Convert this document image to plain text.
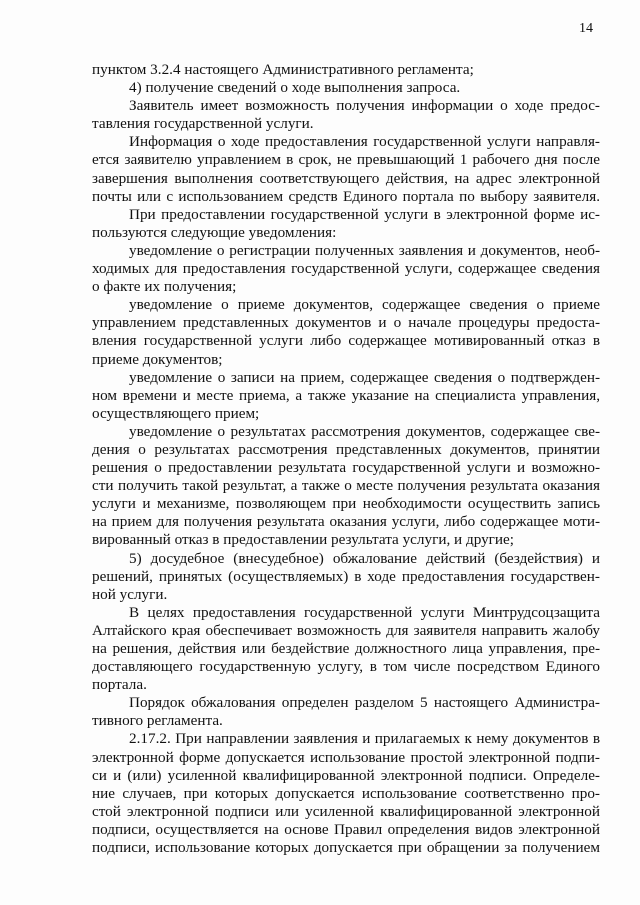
14
пунктом 3.2.4 настоящего Административного регламента;
4) получение сведений о ходе выполнения запроса.
Заявитель имеет возможность получения информации о ходе предос-
тавления государственной услуги.
Информация о ходе предоставления государственной услуги направля-
ется заявителю управлением в срок, не превышающий 1 рабочего дня после
завершения выполнения соответствующего действия, на адрес электронной
почты или с использованием средств Единого портала по выбору заявителя.
При предоставлении государственной услуги в электронной форме ис-
пользуются следующие уведомления:
уведомление о регистрации полученных заявления и документов, необ-
ходимых для предоставления государственной услуги, содержащее сведения
о факте их получения;
уведомление о приеме документов, содержащее сведения о приеме
управлением представленных документов и о начале процедуры предоста-
вления государственной услуги либо содержащее мотивированный отказ в
приеме документов;
уведомление о записи на прием, содержащее сведения о подтвержден-
ном времени и месте приема, а также указание на специалиста управления,
осуществляющего прием;
уведомление о результатах рассмотрения документов, содержащее све-
дения о результатах рассмотрения представленных документов, принятии
решения о предоставлении результата государственной услуги и возможно-
сти получить такой результат, а также о месте получения результата оказания
услуги и механизме, позволяющем при необходимости осуществить запись
на прием для получения результата оказания услуги, либо содержащее моти-
вированный отказ в предоставлении результата услуги, и другие;
5) досудебное (внесудебное) обжалование действий (бездействия) и
решений, принятых (осуществляемых) в ходе предоставления государствен-
ной услуги.
В целях предоставления государственной услуги Минтрудсоцзащита
Алтайского края обеспечивает возможность для заявителя направить жалобу
на решения, действия или бездействие должностного лица управления, пре-
доставляющего государственную услугу, в том числе посредством Единого
портала.
Порядок обжалования определен разделом 5 настоящего Администра-
тивного регламента.
2.17.2. При направлении заявления и прилагаемых к нему документов в
электронной форме допускается использование простой электронной подпи-
си и (или) усиленной квалифицированной электронной подписи. Определе-
ние случаев, при которых допускается использование соответственно про-
стой электронной подписи или усиленной квалифицированной электронной
подписи, осуществляется на основе Правил определения видов электронной
подписи, использование которых допускается при обращении за получением
